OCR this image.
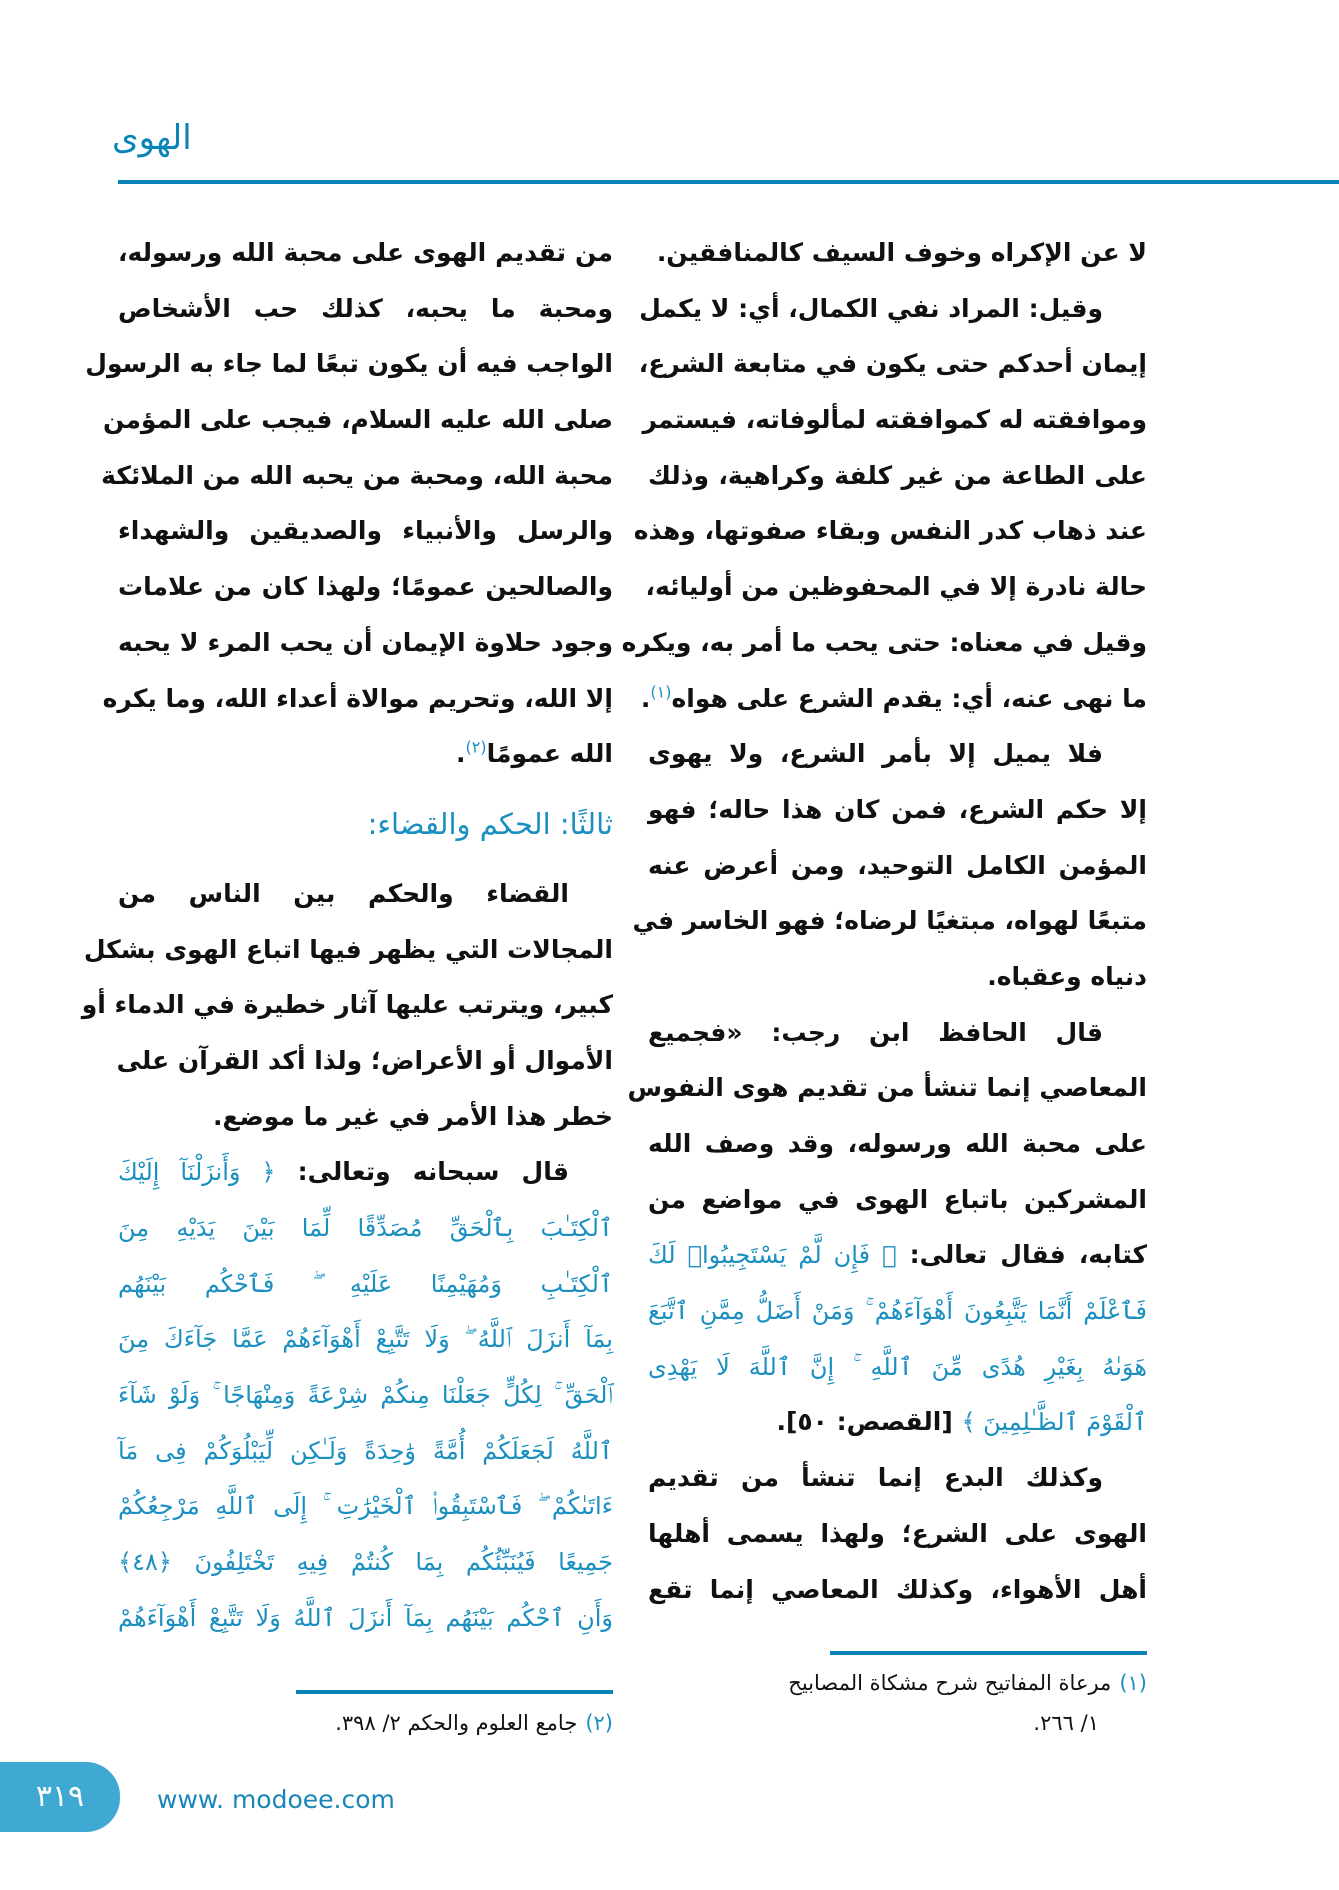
الهوى
لا عن الإكراه وخوف السيف كالمنافقين.
وقيل: المراد نفي الكمال، أي: لا يكمل
إيمان أحدكم حتى يكون في متابعة الشرع،
وموافقته له كموافقته لمألوفاته، فيستمر
على الطاعة من غير كلفة وكراهية، وذلك
عند ذهاب كدر النفس وبقاء صفوتها، وهذه
حالة نادرة إلا في المحفوظين من أوليائه،
وقيل في معناه: حتى يحب ما أمر به، ويكره
ما نهى عنه، أي: يقدم الشرع على هواه$^{(١)}$.
فلا يميل إلا بأمر الشرع، ولا يهوى
إلا حكم الشرع، فمن كان هذا حاله؛ فهو
المؤمن الكامل التوحيد، ومن أعرض عنه
متبعًا لهواه، مبتغيًا لرضاه؛ فهو الخاسر في
دنياه وعقباه.
قال الحافظ ابن رجب: «فجميع
المعاصي إنما تنشأ من تقديم هوى النفوس
على محبة الله ورسوله، وقد وصف الله
المشركين باتباع الهوى في مواضع من
كتابه، فقال تعالى: ﴿ فَإِن لَّمْ يَسْتَجِيبُوا۟ لَكَ
فَٱعْلَمْ أَنَّمَا يَتَّبِعُونَ أَهْوَآءَهُمْ ۚ وَمَنْ أَضَلُّ مِمَّنِ ٱتَّبَعَ
هَوَىٰهُ بِغَيْرِ هُدًى مِّنَ ٱللَّهِ ۚ إِنَّ ٱللَّهَ لَا يَهْدِى
ٱلْقَوْمَ ٱلظَّـٰلِمِينَ ﴾ [القصص: ٥٠].
وكذلك البدع إنما تنشأ من تقديم
الهوى على الشرع؛ ولهذا يسمى أهلها
أهل الأهواء، وكذلك المعاصي إنما تقع
من تقديم الهوى على محبة الله ورسوله،
ومحبة ما يحبه، كذلك حب الأشخاص
الواجب فيه أن يكون تبعًا لما جاء به الرسول
صلى الله عليه السلام، فيجب على المؤمن
محبة الله، ومحبة من يحبه الله من الملائكة
والرسل والأنبياء والصديقين والشهداء
والصالحين عمومًا؛ ولهذا كان من علامات
وجود حلاوة الإيمان أن يحب المرء لا يحبه
إلا الله، وتحريم موالاة أعداء الله، وما يكره
الله عمومًا$^{(٢)}$.
ثالثًا: الحكم والقضاء:
القضاء والحكم بين الناس من
المجالات التي يظهر فيها اتباع الهوى بشكل
كبير، ويترتب عليها آثار خطيرة في الدماء أو
الأموال أو الأعراض؛ ولذا أكد القرآن على
خطر هذا الأمر في غير ما موضع.
قال سبحانه وتعالى: ﴿ وَأَنزَلْنَآ إِلَيْكَ
ٱلْكِتَـٰبَ بِٱلْحَقِّ مُصَدِّقًا لِّمَا بَيْنَ يَدَيْهِ مِنَ
ٱلْكِتَـٰبِ وَمُهَيْمِنًا عَلَيْهِ ۖ فَٱحْكُم بَيْنَهُم
بِمَآ أَنزَلَ ٱللَّهُ ۖ وَلَا تَتَّبِعْ أَهْوَآءَهُمْ عَمَّا جَآءَكَ مِنَ
ٱلْحَقِّ ۚ لِكُلٍّ جَعَلْنَا مِنكُمْ شِرْعَةً وَمِنْهَاجًا ۚ وَلَوْ شَآءَ
ٱللَّهُ لَجَعَلَكُمْ أُمَّةً وَٰحِدَةً وَلَـٰكِن لِّيَبْلُوَكُمْ فِى مَآ
ءَاتَىٰكُمْ ۖ فَٱسْتَبِقُوا۟ ٱلْخَيْرَٰتِ ۚ إِلَى ٱللَّهِ مَرْجِعُكُمْ
جَمِيعًا فَيُنَبِّئُكُم بِمَا كُنتُمْ فِيهِ تَخْتَلِفُونَ ﴿٤٨﴾
وَأَنِ ٱحْكُم بَيْنَهُم بِمَآ أَنزَلَ ٱللَّهُ وَلَا تَتَّبِعْ أَهْوَآءَهُمْ
(١)مرعاة المفاتيح شرح مشكاة المصابيح
١/ ٢٦٦.
(٢)جامع العلوم والحكم ٢/ ٣٩٨.
٣١٩	www. modoee.com
